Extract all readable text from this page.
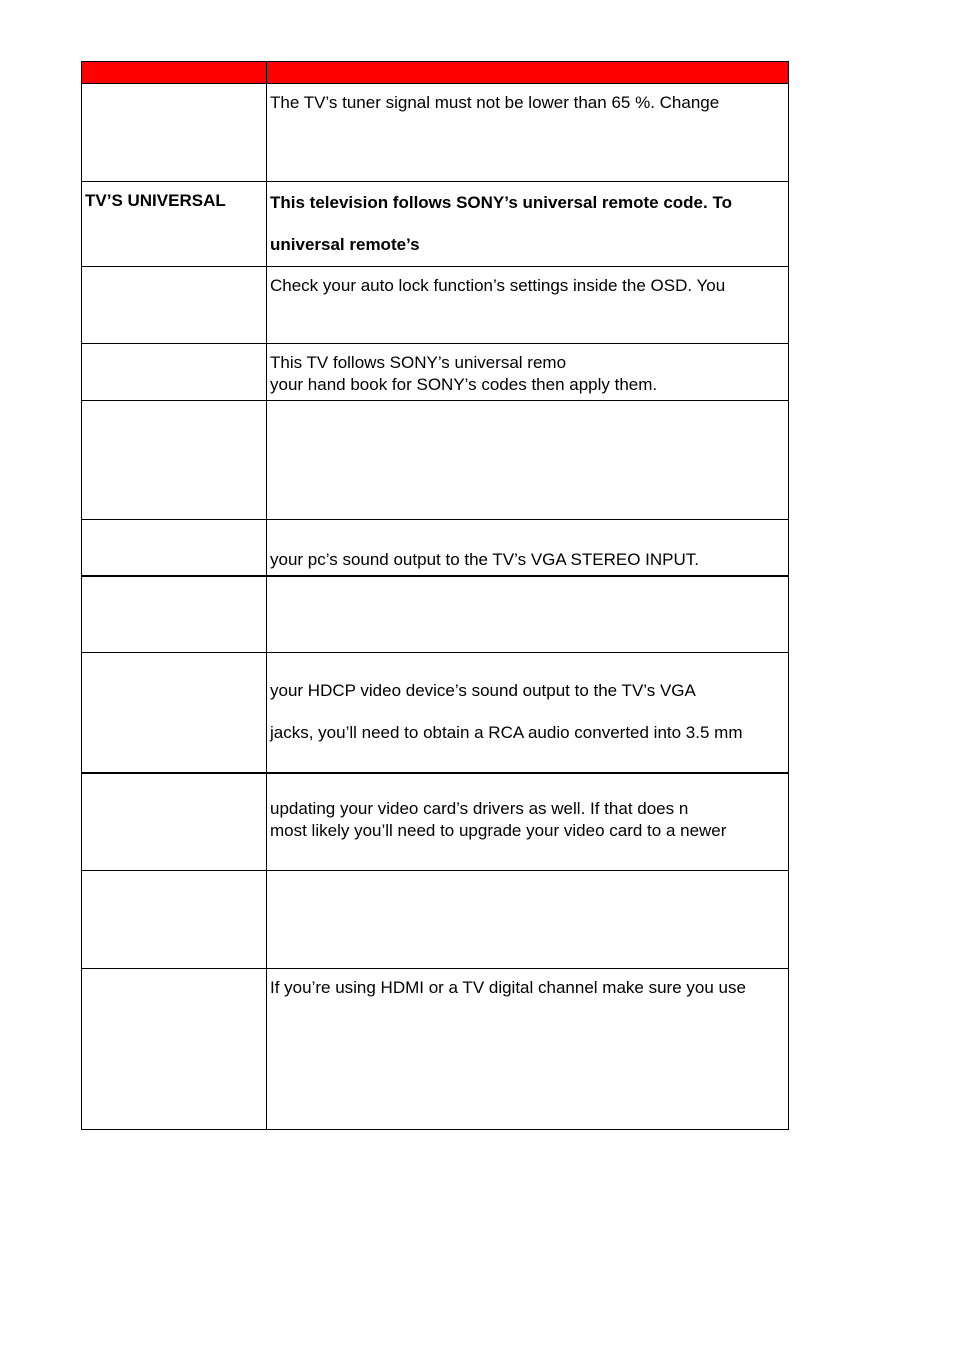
	The TV’s tuner signal must not be lower than 65 %. Change

TV’S UNIVERSAL	This television follows SONY’s universal remote code. To
universal remote’s

	Check your auto lock function’s settings inside the OSD. You

	This TV follows SONY’s universal remo
your hand book for SONY’s codes then apply them.

	your pc’s sound output to the TV’s VGA STEREO INPUT.

	your HDCP video device’s sound output to the TV’s VGA
jacks, you’ll need to obtain a RCA audio converted into 3.5 mm

	updating your video card’s drivers as well. If that does n
most likely you’ll need to upgrade your video card to a newer

	If you’re using HDMI or a TV digital channel make sure you use
